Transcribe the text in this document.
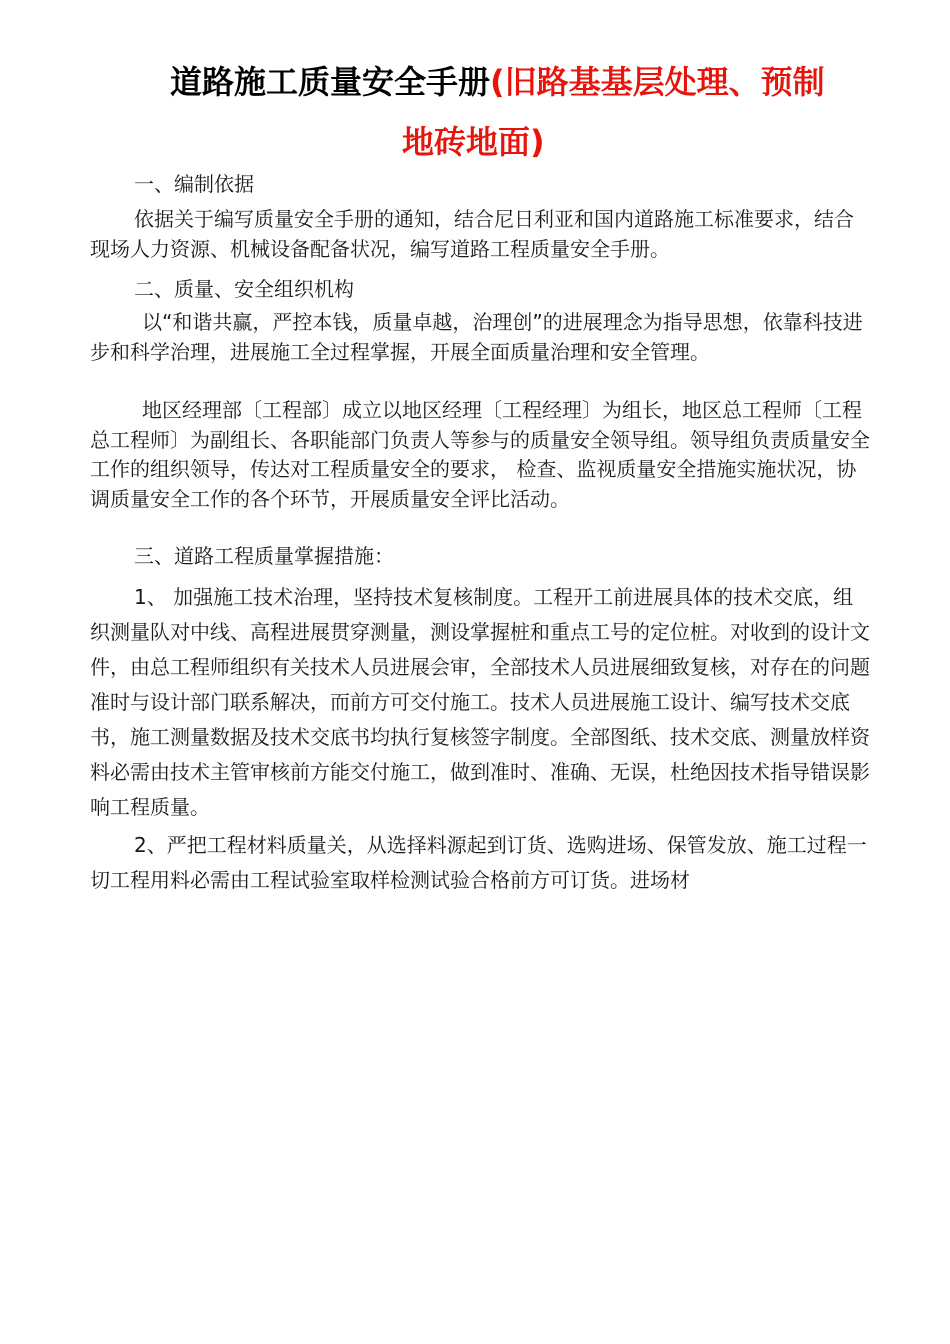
道路施工质量安全手册(旧路基基层处理、预制
地砖地面)

一、编制依据

依据关于编写质量安全手册的通知，结合尼日利亚和国内道路施工标准要求，结合现场人力资源、机械设备配备状况，编写道路工程质量安全手册。

二、质量、安全组织机构

以“和谐共赢，严控本钱，质量卓越，治理创”的进展理念为指导思想，依靠科技进步和科学治理，进展施工全过程掌握，开展全面质量治理和安全管理。

地区经理部〔工程部〕成立以地区经理〔工程经理〕为组长，地区总工程师〔工程总工程师〕为副组长、各职能部门负责人等参与的质量安全领导组。领导组负责质量安全工作的组织领导，传达对工程质量安全的要求， 检查、监视质量安全措施实施状况，协调质量安全工作的各个环节，开展质量安全评比活动。

三、道路工程质量掌握措施：

1、 加强施工技术治理，坚持技术复核制度。工程开工前进展具体的技术交底，组织测量队对中线、高程进展贯穿测量，测设掌握桩和重点工号的定位桩。对收到的设计文件，由总工程师组织有关技术人员进展会审，全部技术人员进展细致复核，对存在的问题准时与设计部门联系解决，而前方可交付施工。技术人员进展施工设计、编写技术交底书，施工测量数据及技术交底书均执行复核签字制度。全部图纸、技术交底、测量放样资料必需由技术主管审核前方能交付施工，做到准时、准确、无误，杜绝因技术指导错误影响工程质量。

2、严把工程材料质量关，从选择料源起到订货、选购进场、保管发放、施工过程一切工程用料必需由工程试验室取样检测试验合格前方可订货。进场材
